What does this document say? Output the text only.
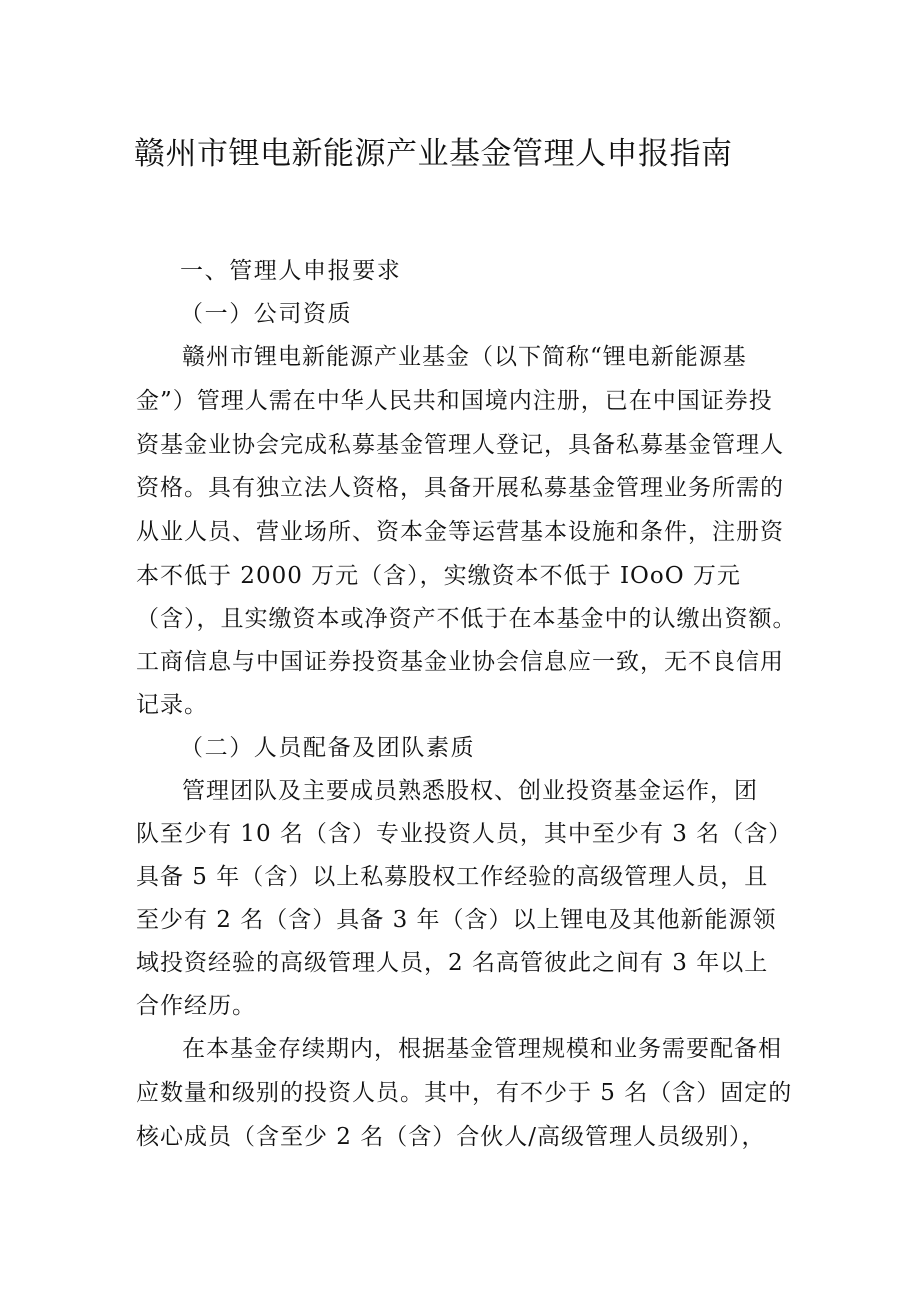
赣州市锂电新能源产业基金管理人申报指南
一、管理人申报要求
（一）公司资质
赣州市锂电新能源产业基金（以下简称“锂电新能源基
金”）管理人需在中华人民共和国境内注册，已在中国证券投
资基金业协会完成私募基金管理人登记，具备私募基金管理人
资格。具有独立法人资格，具备开展私募基金管理业务所需的
从业人员、营业场所、资本金等运营基本设施和条件，注册资
本不低于 2000 万元（含），实缴资本不低于 IOoO 万元
（含），且实缴资本或净资产不低于在本基金中的认缴出资额。
工商信息与中国证券投资基金业协会信息应一致，无不良信用
记录。
（二）人员配备及团队素质
管理团队及主要成员熟悉股权、创业投资基金运作，团
队至少有 10 名（含）专业投资人员，其中至少有 3 名（含）
具备 5 年（含）以上私募股权工作经验的高级管理人员，且
至少有 2 名（含）具备 3 年（含）以上锂电及其他新能源领
域投资经验的高级管理人员，2 名高管彼此之间有 3 年以上
合作经历。
在本基金存续期内，根据基金管理规模和业务需要配备相
应数量和级别的投资人员。其中，有不少于 5 名（含）固定的
核心成员（含至少 2 名（含）合伙人/高级管理人员级别），
